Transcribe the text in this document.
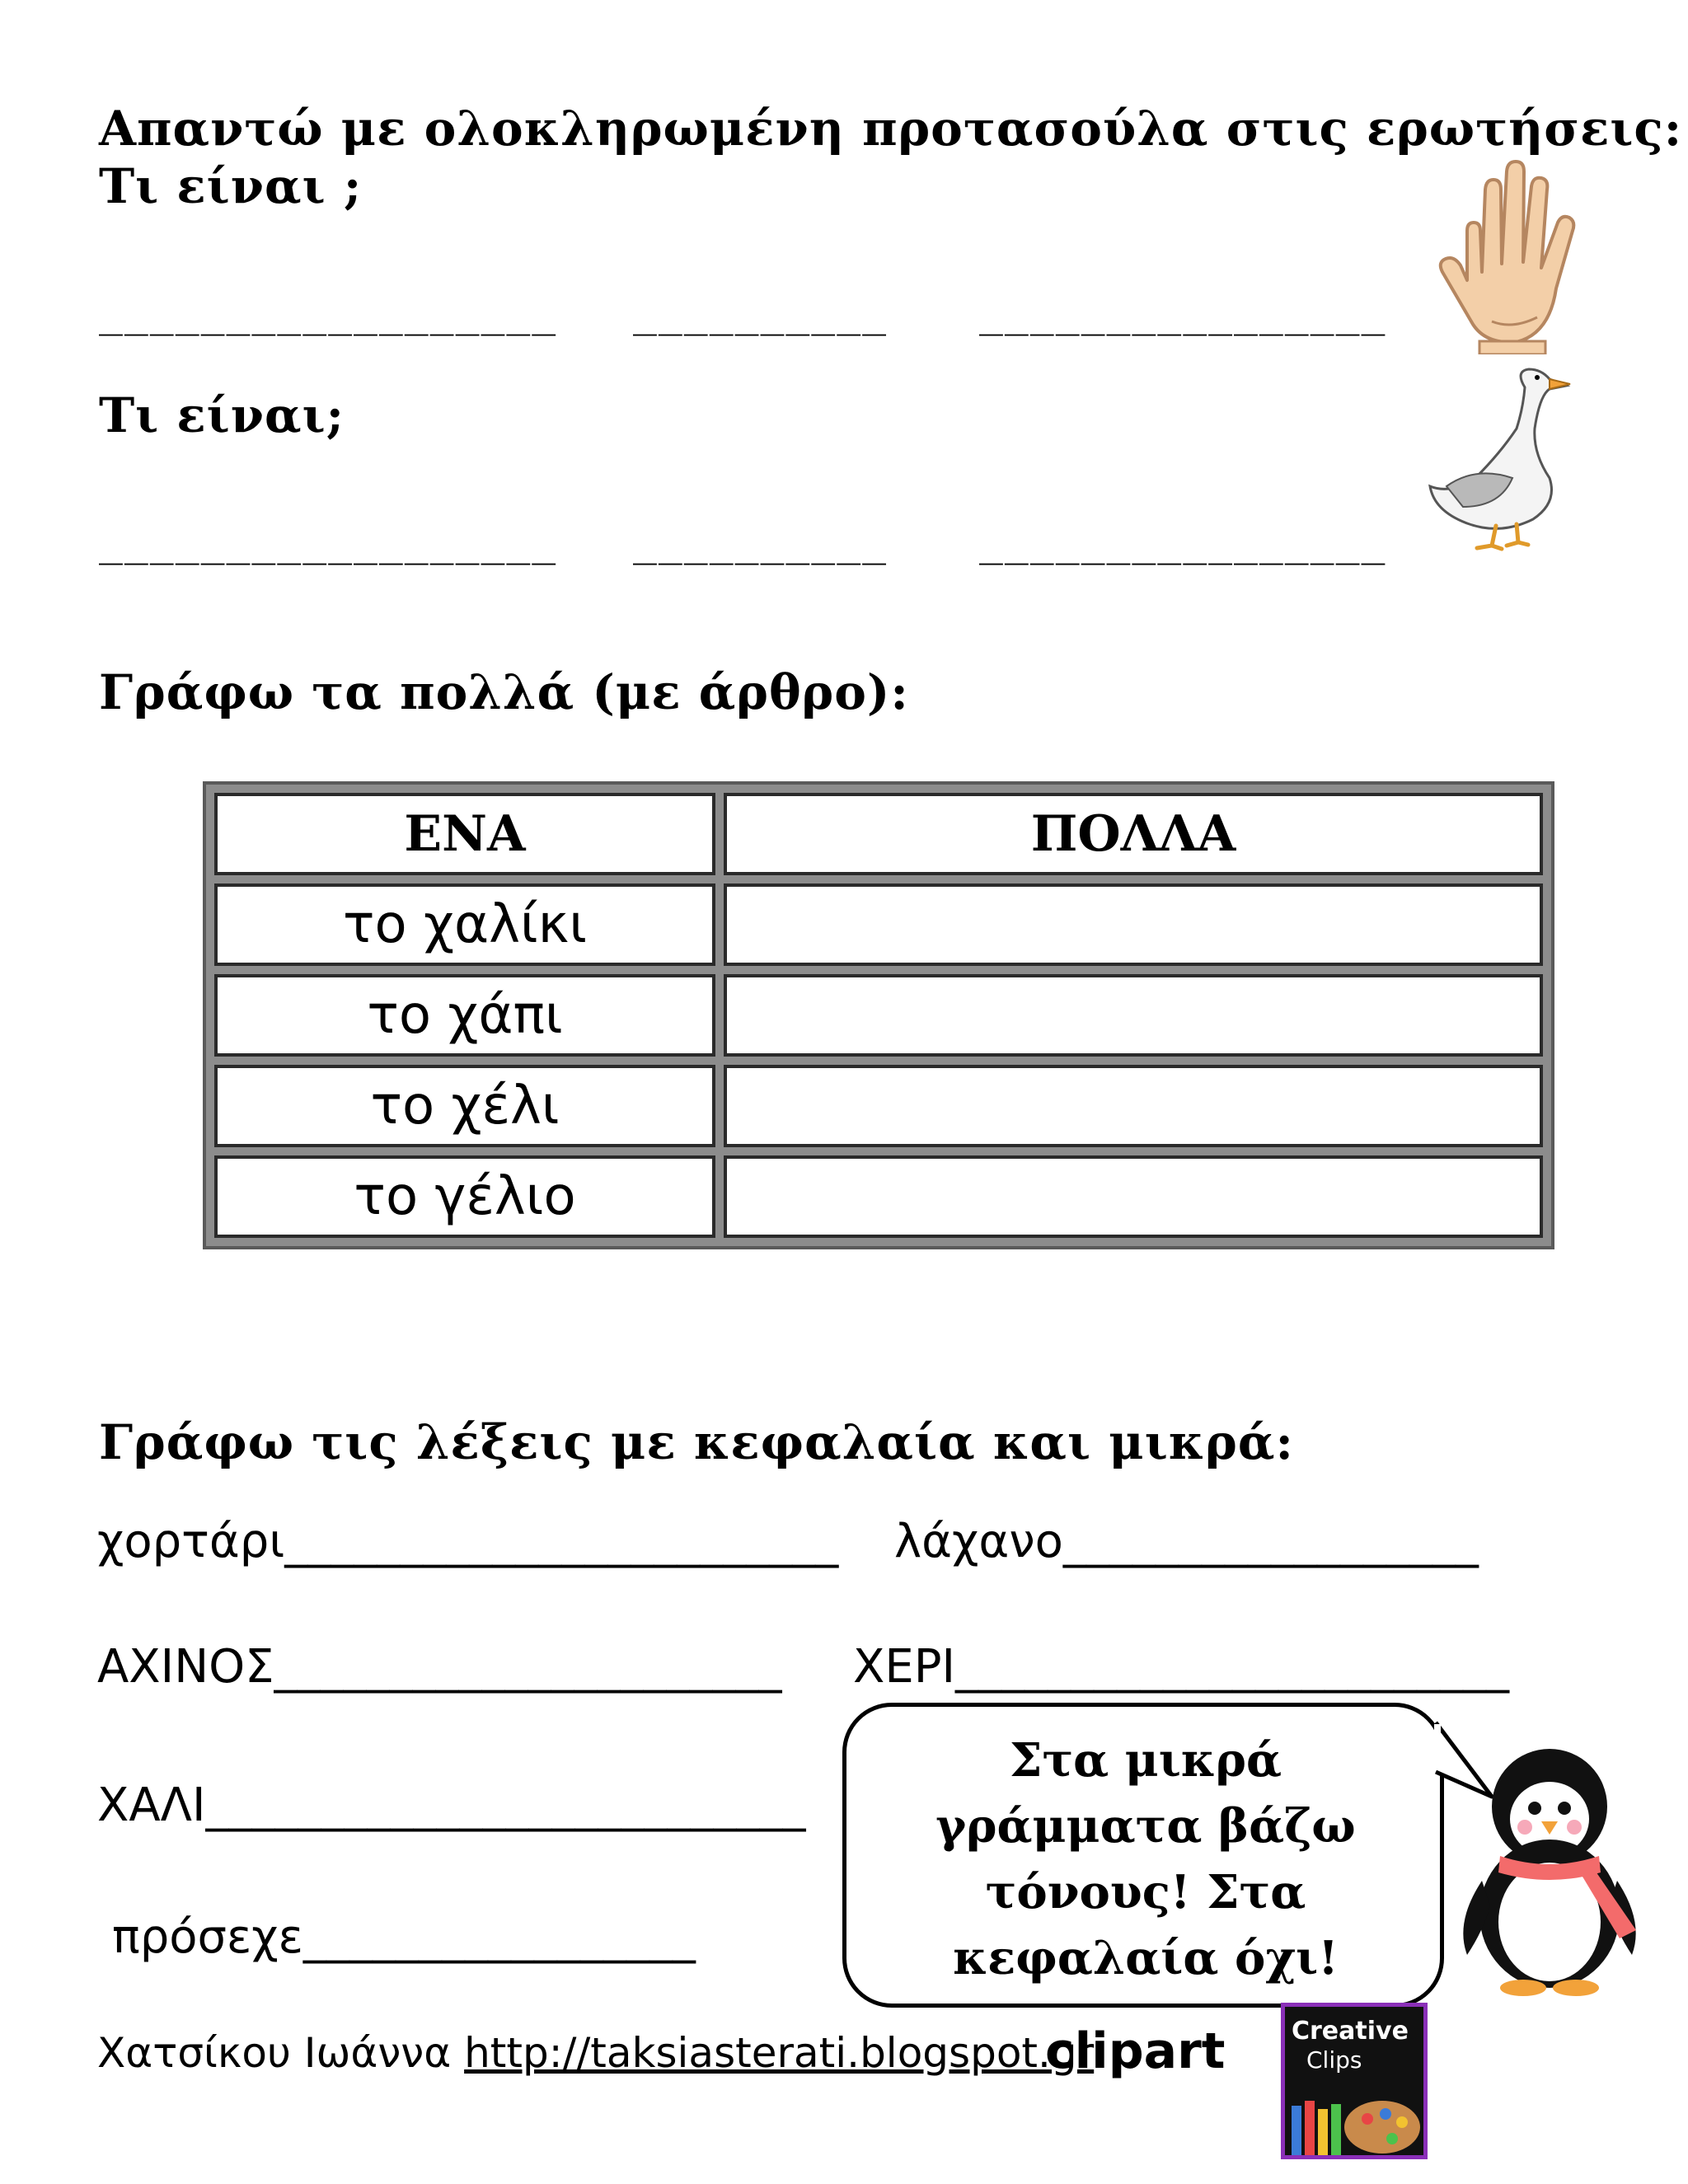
Απαντώ με ολοκληρωμένη προτασούλα στις ερωτήσεις:
Τι είναι ;
__________________ __________ ________________
Τι είναι;
__________________ __________ ________________
Γράφω τα πολλά (με άρθρο):
ΕΝΑ	ΠΟΛΛΑ
το χαλίκι	
το χάπι	
το χέλι	
το γέλιο	
Γράφω τις λέξεις με κεφαλαία και μικρά:
χορτάρι________________________ λάχανο__________________
ΑΧΙΝΟΣ______________________ ΧΕΡΙ________________________
ΧΑΛΙ__________________________
πρόσεχε_________________
Στα μικρά γράμματα βάζω τόνους! Στα κεφαλαία όχι!
Χατσίκου Ιωάννα http://taksiasterati.blogspot.gr
clipart	Creative
Clips
